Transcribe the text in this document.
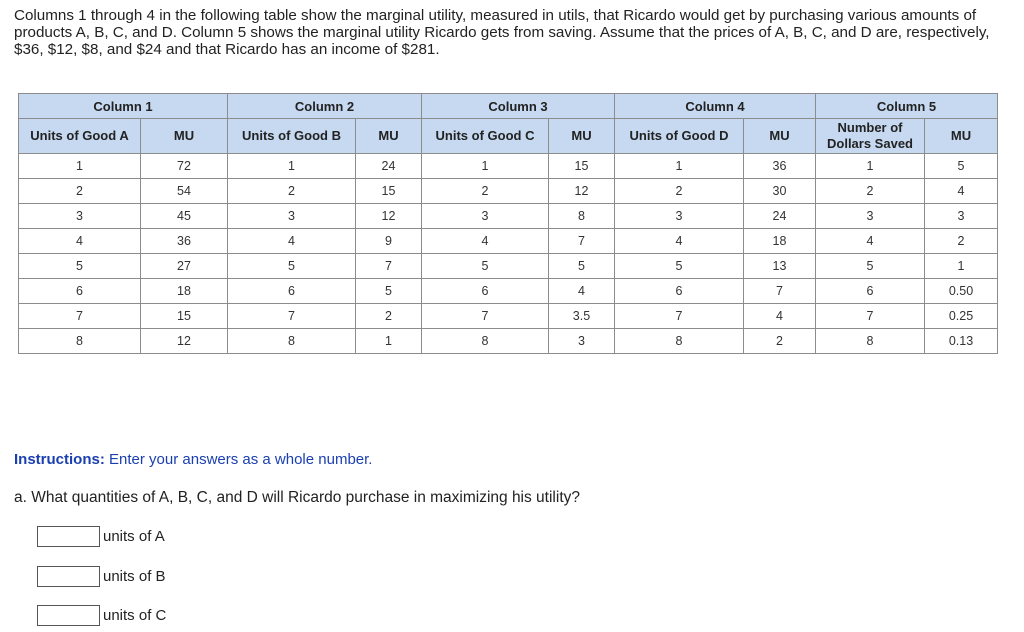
Columns 1 through 4 in the following table show the marginal utility, measured in utils, that Ricardo would get by purchasing various amounts of products A, B, C, and D. Column 5 shows the marginal utility Ricardo gets from saving. Assume that the prices of A, B, C, and D are, respectively, $36, $12, $8, and $24 and that Ricardo has an income of $281.
Column 1		Column 2		Column 3		Column 4		Column 5	
Units of Good A	MU	Units of Good B	MU	Units of Good C	MU	Units of Good D	MU	Number of Dollars Saved	MU
1	72	1	24	1	15	1	36	1	5
2	54	2	15	2	12	2	30	2	4
3	45	3	12	3	8	3	24	3	3
4	36	4	9	4	7	4	18	4	2
5	27	5	7	5	5	5	13	5	1
6	18	6	5	6	4	6	7	6	0.50
7	15	7	2	7	3.5	7	4	7	0.25
8	12	8	1	8	3	8	2	8	0.13
Instructions: Enter your answers as a whole number.
a. What quantities of A, B, C, and D will Ricardo purchase in maximizing his utility?
units of A
units of B
units of C
